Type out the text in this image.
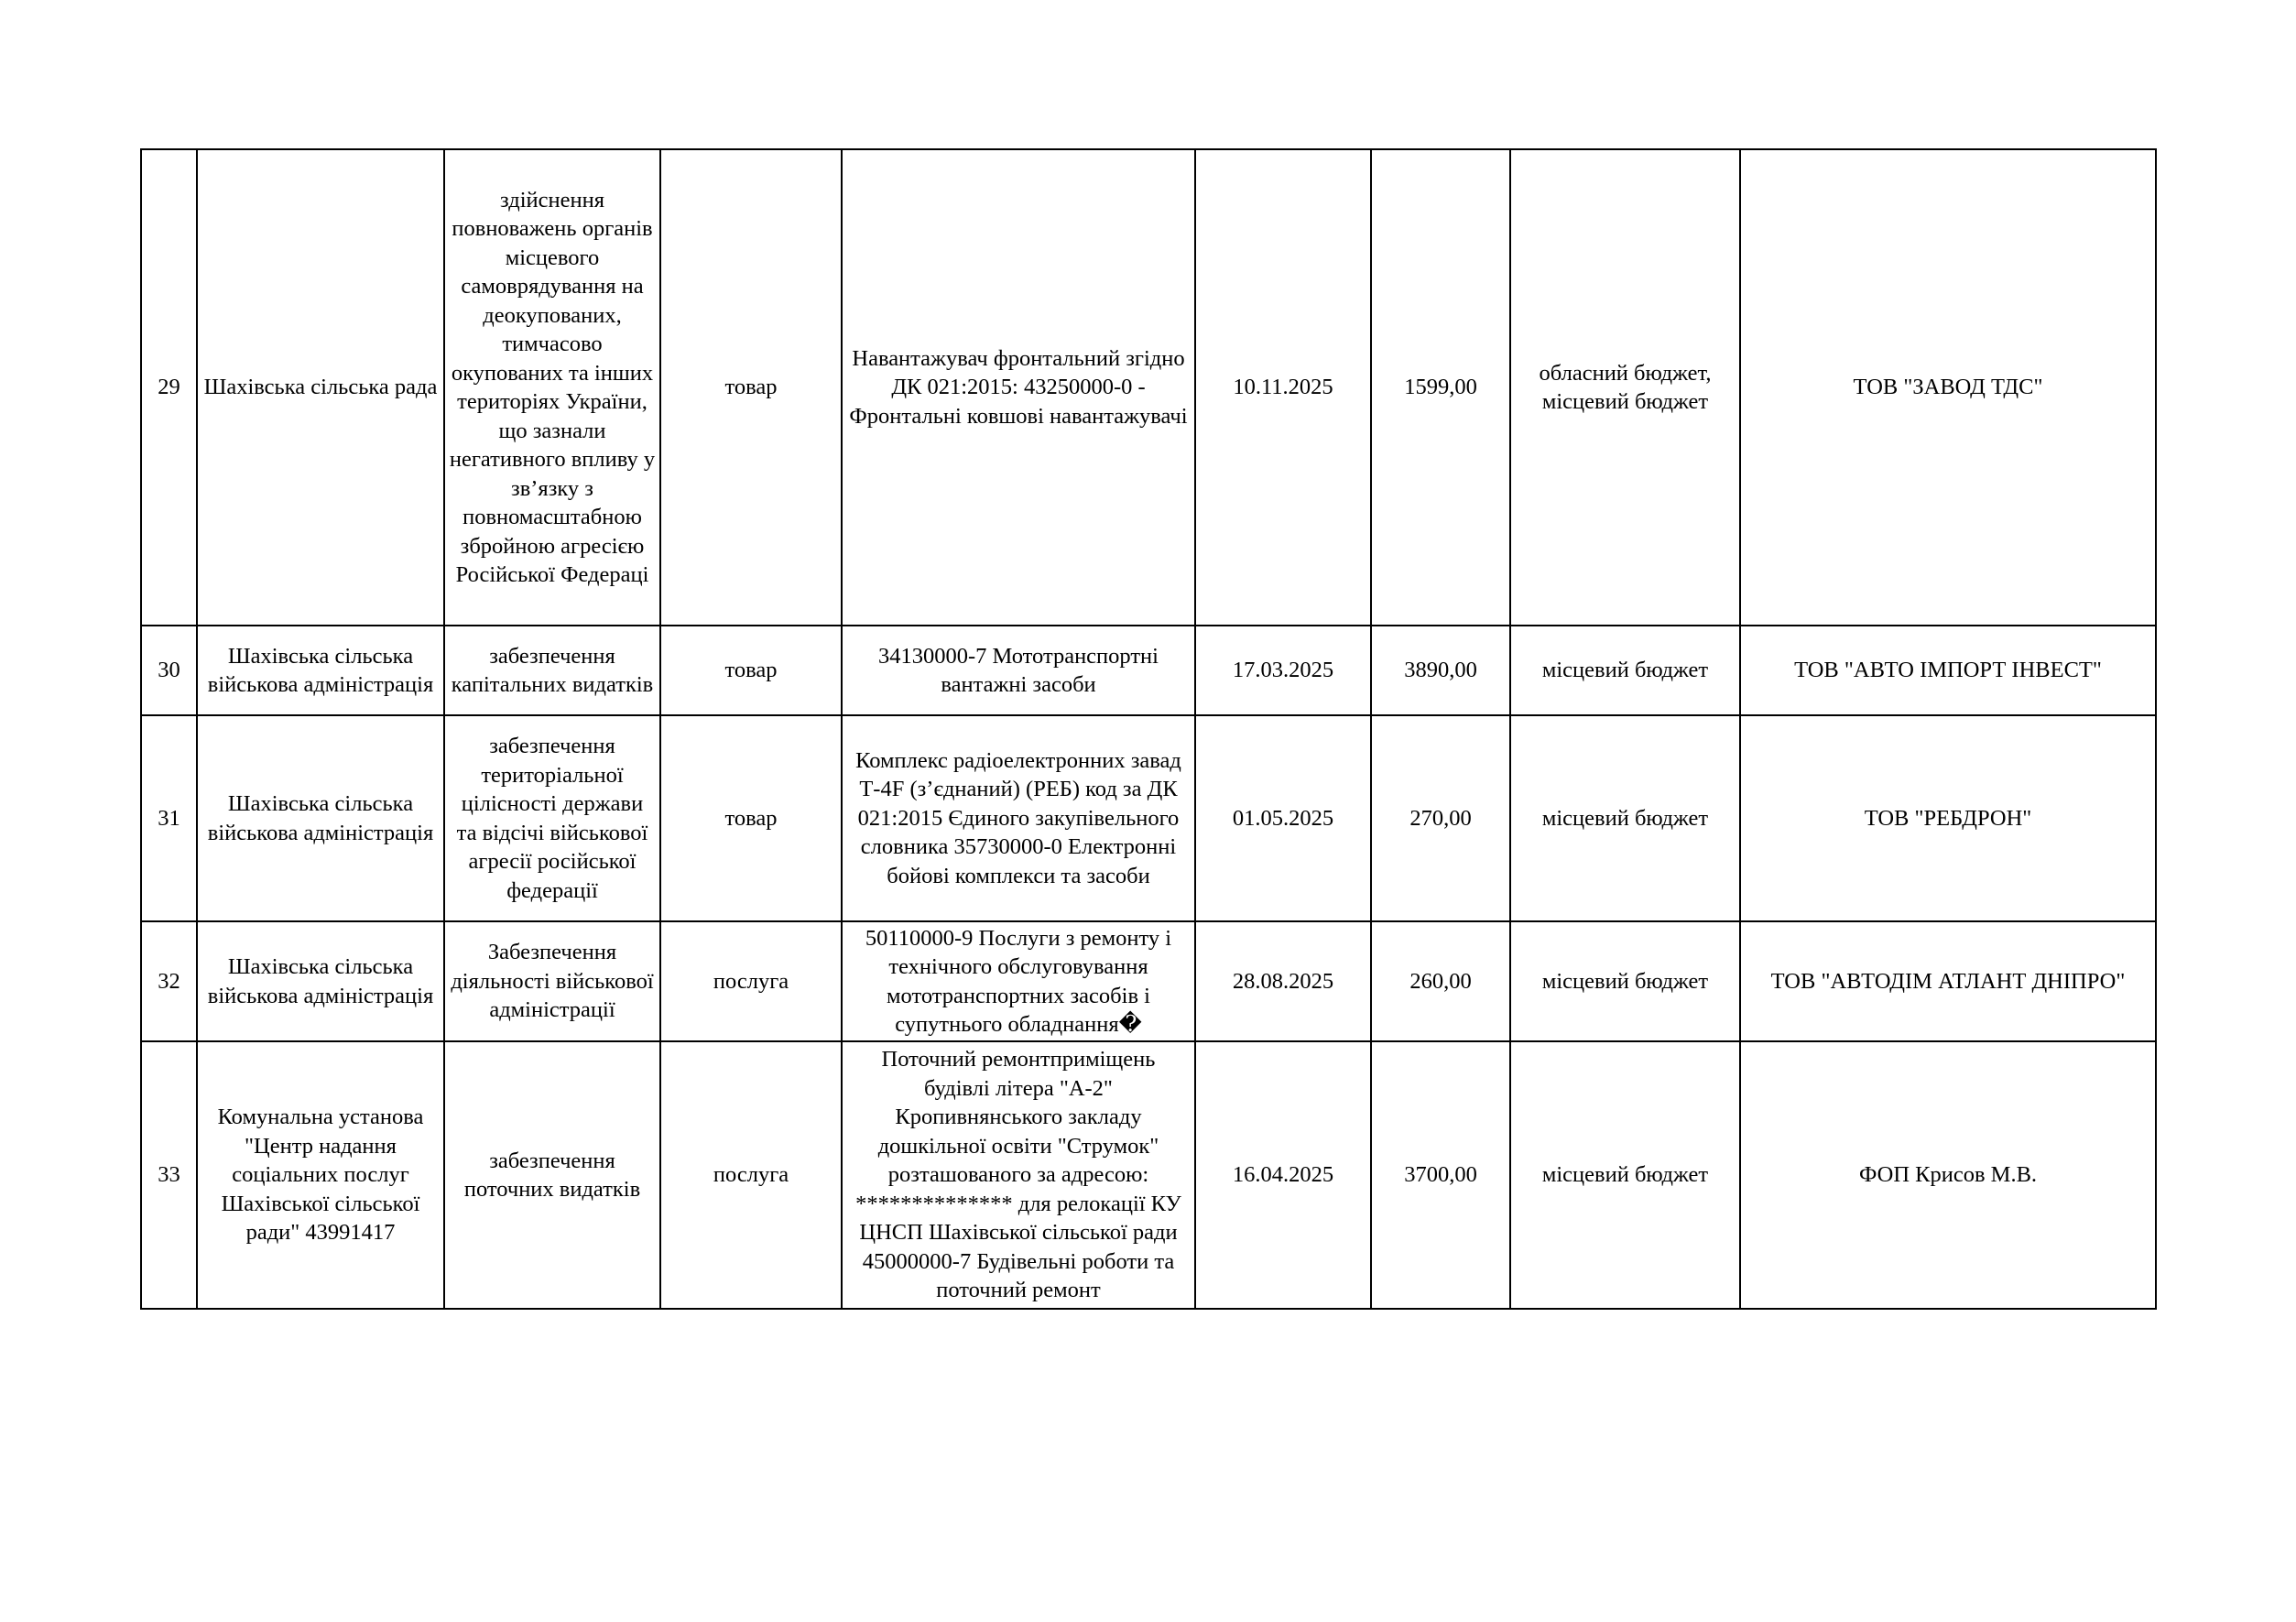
29	Шахівська сільська рада	здійснення повноважень органів місцевого самоврядування на деокупованих, тимчасово окупованих та інших територіях України, що зазнали негативного впливу у зв’язку з повномасштабною збройною агресією Російської Федераці	товар	Навантажувач фронтальний згідно ДК 021:2015: 43250000-0 - Фронтальні ковшові навантажувачі	10.11.2025	1599,00	обласний бюджет, місцевий бюджет	ТОВ "ЗАВОД ТДС"
30	Шахівська сільська військова адміністрація	забезпечення капітальних видатків	товар	34130000-7 Мототранспортні вантажні засоби	17.03.2025	3890,00	місцевий бюджет	ТОВ "АВТО ІМПОРТ ІНВЕСТ"
31	Шахівська сільська військова адміністрація	забезпечення територіальної цілісності держави та відсічі військової агресії російської федерації	товар	Комплекс радіоелектронних завад Т-4F (з’єднаний) (РЕБ) код за ДК 021:2015 Єдиного закупівельного словника 35730000-0 Електронні бойові комплекси та засоби	01.05.2025	270,00	місцевий бюджет	ТОВ "РЕБДРОН"
32	Шахівська сільська військова адміністрація	Забезпечення діяльності військової адміністрації	послуга	50110000-9 Послуги з ремонту і технічного обслуговування мототранспортних засобів і супутнього обладнання�	28.08.2025	260,00	місцевий бюджет	ТОВ "АВТОДІМ АТЛАНТ ДНІПРО"
33	Комунальна установа "Центр надання соціальних послуг Шахівської сільської ради" 43991417	забезпечення поточних видатків	послуга	Поточний ремонтприміщень будівлі літера "А-2" Кропивнянського закладу дошкільної освіти "Струмок" розташованого за адресою: ************** для релокації КУ ЦНСП Шахівської сільської ради 45000000-7 Будівельні роботи та поточний ремонт	16.04.2025	3700,00	місцевий бюджет	ФОП Крисов М.В.
